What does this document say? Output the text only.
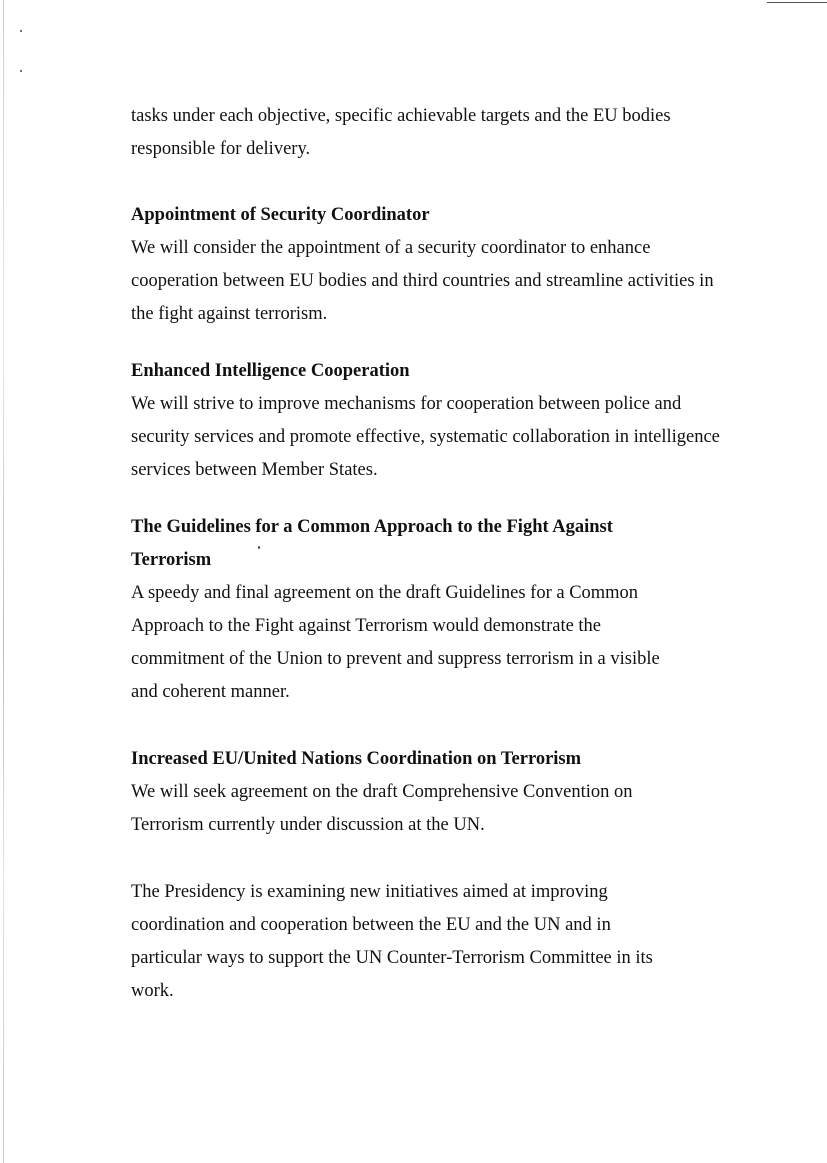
tasks under each objective, specific achievable targets and the EU bodies responsible for delivery.

Appointment of Security Coordinator

We will consider the appointment of a security coordinator to enhance cooperation between EU bodies and third countries and streamline activities in the fight against terrorism.

Enhanced Intelligence Cooperation

We will strive to improve mechanisms for cooperation between police and security services and promote effective, systematic collaboration in intelligence services between Member States.

The Guidelines for a Common Approach to the Fight Against Terrorism

A speedy and final agreement on the draft Guidelines for a Common Approach to the Fight against Terrorism would demonstrate the commitment of the Union to prevent and suppress terrorism in a visible and coherent manner.

Increased EU/United Nations Coordination on Terrorism

We will seek agreement on the draft Comprehensive Convention on Terrorism currently under discussion at the UN.

The Presidency is examining new initiatives aimed at improving coordination and cooperation between the EU and the UN and in particular ways to support the UN Counter-Terrorism Committee in its work.
